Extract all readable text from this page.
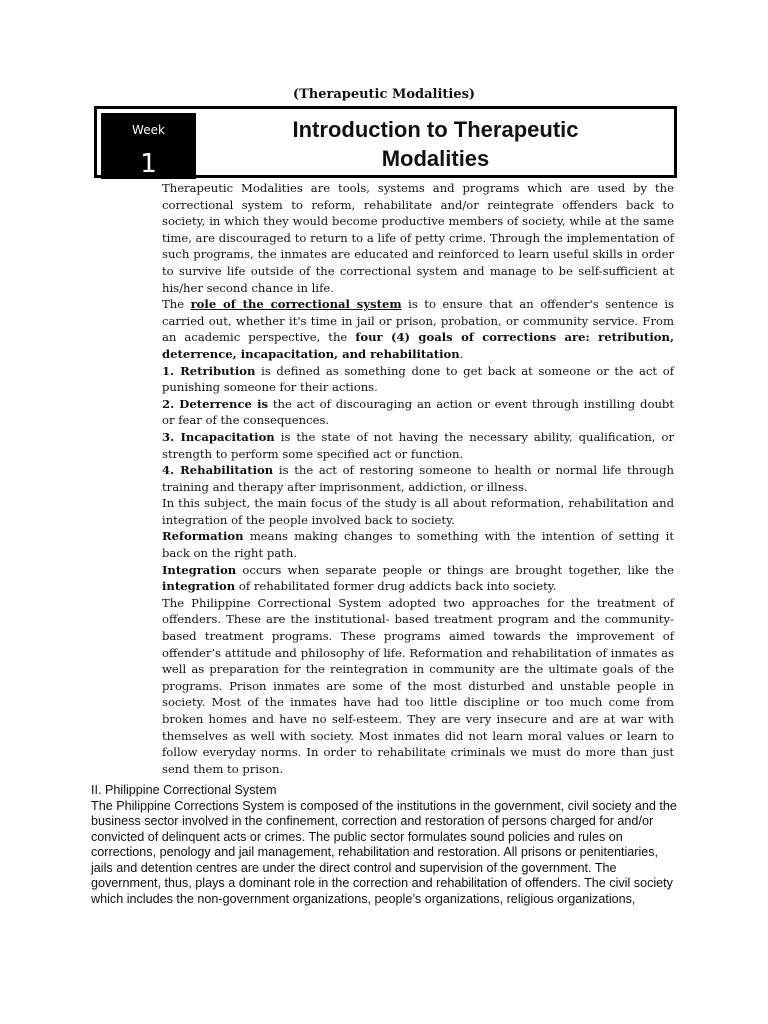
(Therapeutic Modalities)
Week
1
Introduction to Therapeutic
Modalities

Therapeutic Modalities are tools, systems and programs which are used by the correctional system to reform, rehabilitate and/or reintegrate offenders back to society, in which they would become productive members of society, while at the same time, are discouraged to return to a life of petty crime. Through the implementation of such programs, the inmates are educated and reinforced to learn useful skills in order to survive life outside of the correctional system and manage to be self-sufficient at his/her second chance in life.

The role of the correctional system is to ensure that an offender's sentence is carried out, whether it's time in jail or prison, probation, or community service. From an academic perspective, the four (4) goals of corrections are: retribution, deterrence, incapacitation, and rehabilitation.

1. Retribution is defined as something done to get back at someone or the act of punishing someone for their actions.

2. Deterrence is the act of discouraging an action or event through instilling doubt or fear of the consequences.

3. Incapacitation is the state of not having the necessary ability, qualification, or strength to perform some specified act or function.

4. Rehabilitation is the act of restoring someone to health or normal life through training and therapy after imprisonment, addiction, or illness.

In this subject, the main focus of the study is all about reformation, rehabilitation and integration of the people involved back to society.

Reformation means making changes to something with the intention of setting it back on the right path.

Integration occurs when separate people or things are brought together, like the integration of rehabilitated former drug addicts back into society.

The Philippine Correctional System adopted two approaches for the treatment of offenders. These are the institutional- based treatment program and the community-based treatment programs. These programs aimed towards the improvement of offender’s attitude and philosophy of life. Reformation and rehabilitation of inmates as well as preparation for the reintegration in community are the ultimate goals of the programs. Prison inmates are some of the most disturbed and unstable people in society. Most of the inmates have had too little discipline or too much come from broken homes and have no self-esteem. They are very insecure and are at war with themselves as well with society. Most inmates did not learn moral values or learn to follow everyday norms. In order to rehabilitate criminals we must do more than just send them to prison.

II. Philippine Correctional System

The Philippine Corrections System is composed of the institutions in the government, civil society and the business sector involved in the confinement, correction and restoration of persons charged for and/or convicted of delinquent acts or crimes. The public sector formulates sound policies and rules on corrections, penology and jail management, rehabilitation and restoration. All prisons or penitentiaries, jails and detention centres are under the direct control and supervision of the government. The government, thus, plays a dominant role in the correction and rehabilitation of offenders. The civil society which includes the non-government organizations, people’s organizations, religious organizations,
